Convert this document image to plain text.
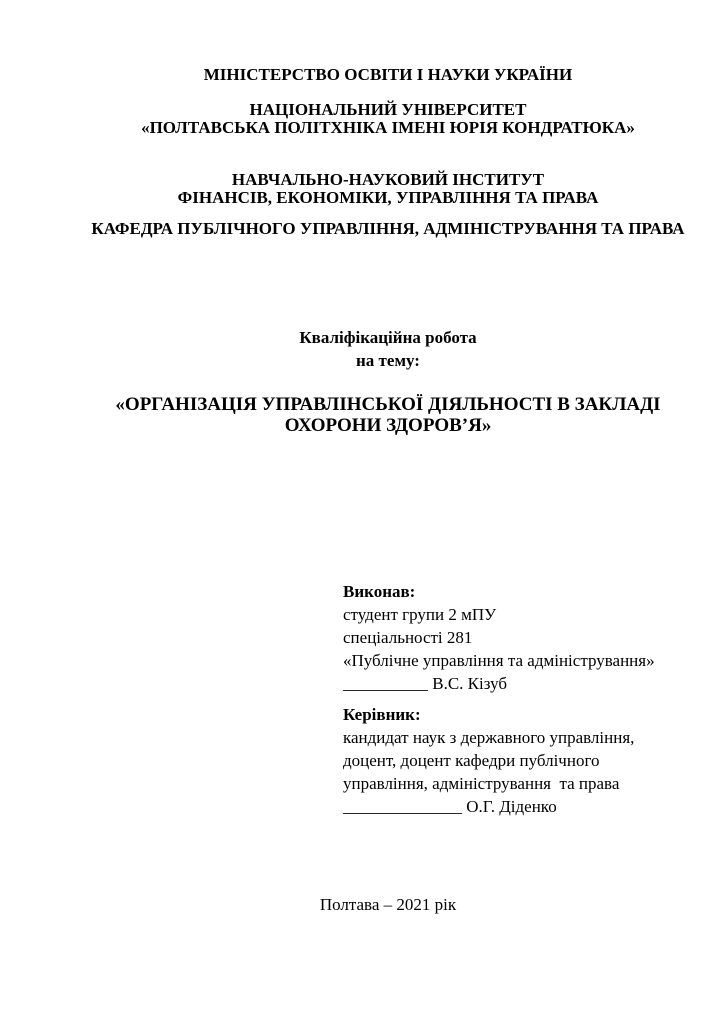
МІНІСТЕРСТВО ОСВІТИ І НАУКИ УКРАЇНИ
НАЦІОНАЛЬНИЙ УНІВЕРСИТЕТ
«ПОЛТАВСЬКА ПОЛІТХНІКА ІМЕНІ ЮРІЯ КОНДРАТЮКА»
НАВЧАЛЬНО-НАУКОВИЙ ІНСТИТУТ
ФІНАНСІВ, ЕКОНОМІКИ, УПРАВЛІННЯ ТА ПРАВА
КАФЕДРА ПУБЛІЧНОГО УПРАВЛІННЯ, АДМІНІСТРУВАННЯ ТА ПРАВА
Кваліфікаційна робота
на тему:
«ОРГАНІЗАЦІЯ УПРАВЛІНСЬКОЇ ДІЯЛЬНОСТІ В ЗАКЛАДІ
ОХОРОНИ ЗДОРОВ’Я»
Виконав:
студент групи 2 мПУ
спеціальності 281
«Публічне управління та адміністрування»
__________ В.С. Кізуб
Керівник:
кандидат наук з державного управління,
доцент, доцент кафедри публічного
управління, адміністрування  та права
______________ О.Г. Діденко
Полтава – 2021 рік
